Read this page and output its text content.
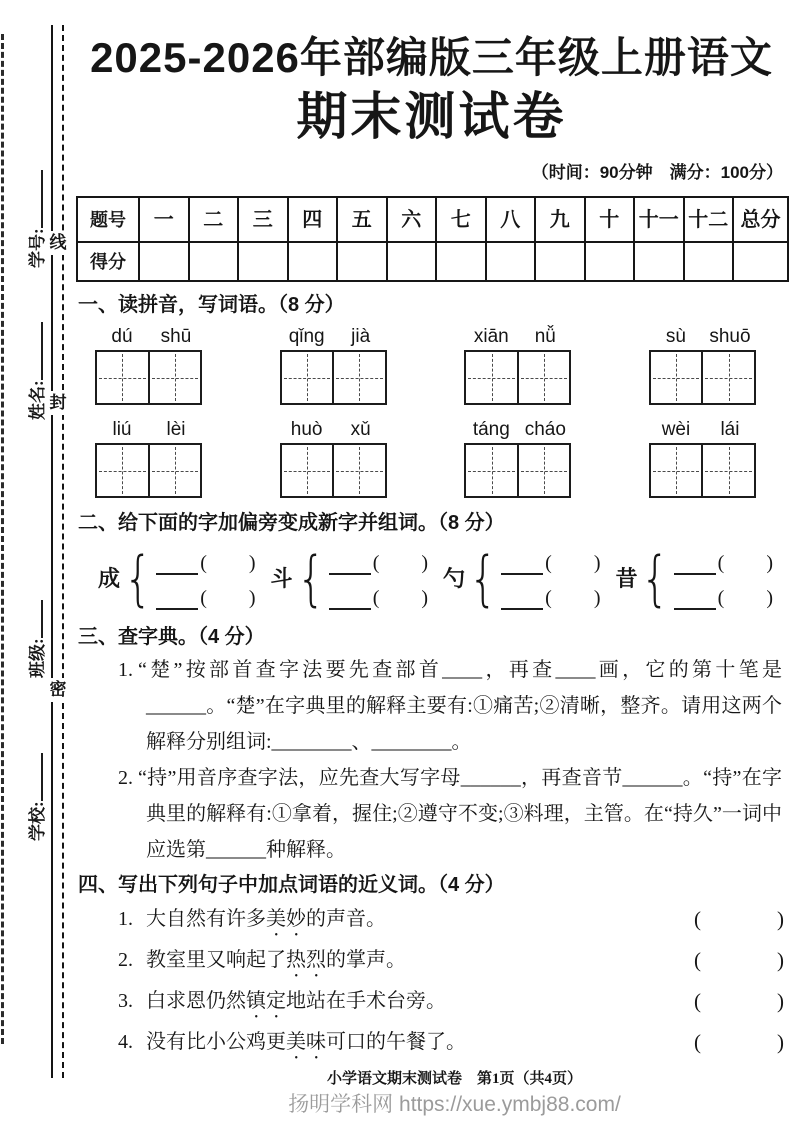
线
封
密
学号:
姓名:
班级:
学校:
2025-2026年部编版三年级上册语文
期末测试卷
（时间：90分钟　满分：100分）
题号	一	二	三	四	五	六	七	八	九	十	十一	十二	总分
得分													
一、读拼音，写词语。（8 分）
dú	shū	qǐng	jià	xiān	nǚ	sù	shuō
liú	lèi	huò	xǔ	táng cháo	wèi	lái
二、给下面的字加偏旁变成新字并组词。（8 分）
成 { ( )
( )
斗 { ( )
( )
勺 { ( )
( )
昔 { ( )
( )
三、查字典。（4 分）
1. “楚”按部首查字法要先查部首____，再查____画，它的第十笔是______。“楚”在字典里的解释主要有:①痛苦;②清晰，整齐。请用这两个解释分别组词:________、________。
2. “持”用音序查字法，应先查大写字母______，再查音节______。“持”在字典里的解释有:①拿着，握住;②遵守不变;③料理，主管。在“持久”一词中应选第______种解释。
四、写出下列句子中加点词语的近义词。（4 分）
1. 大自然有许多美妙的声音。	(	)
2. 教室里又响起了热烈的掌声。	(	)
3. 白求恩仍然镇定地站在手术台旁。	(	)
4. 没有比小公鸡更美味可口的午餐了。	(	)
小学语文期末测试卷　第1页（共4页）
扬明学科网 https://xue.ymbj88.com/
